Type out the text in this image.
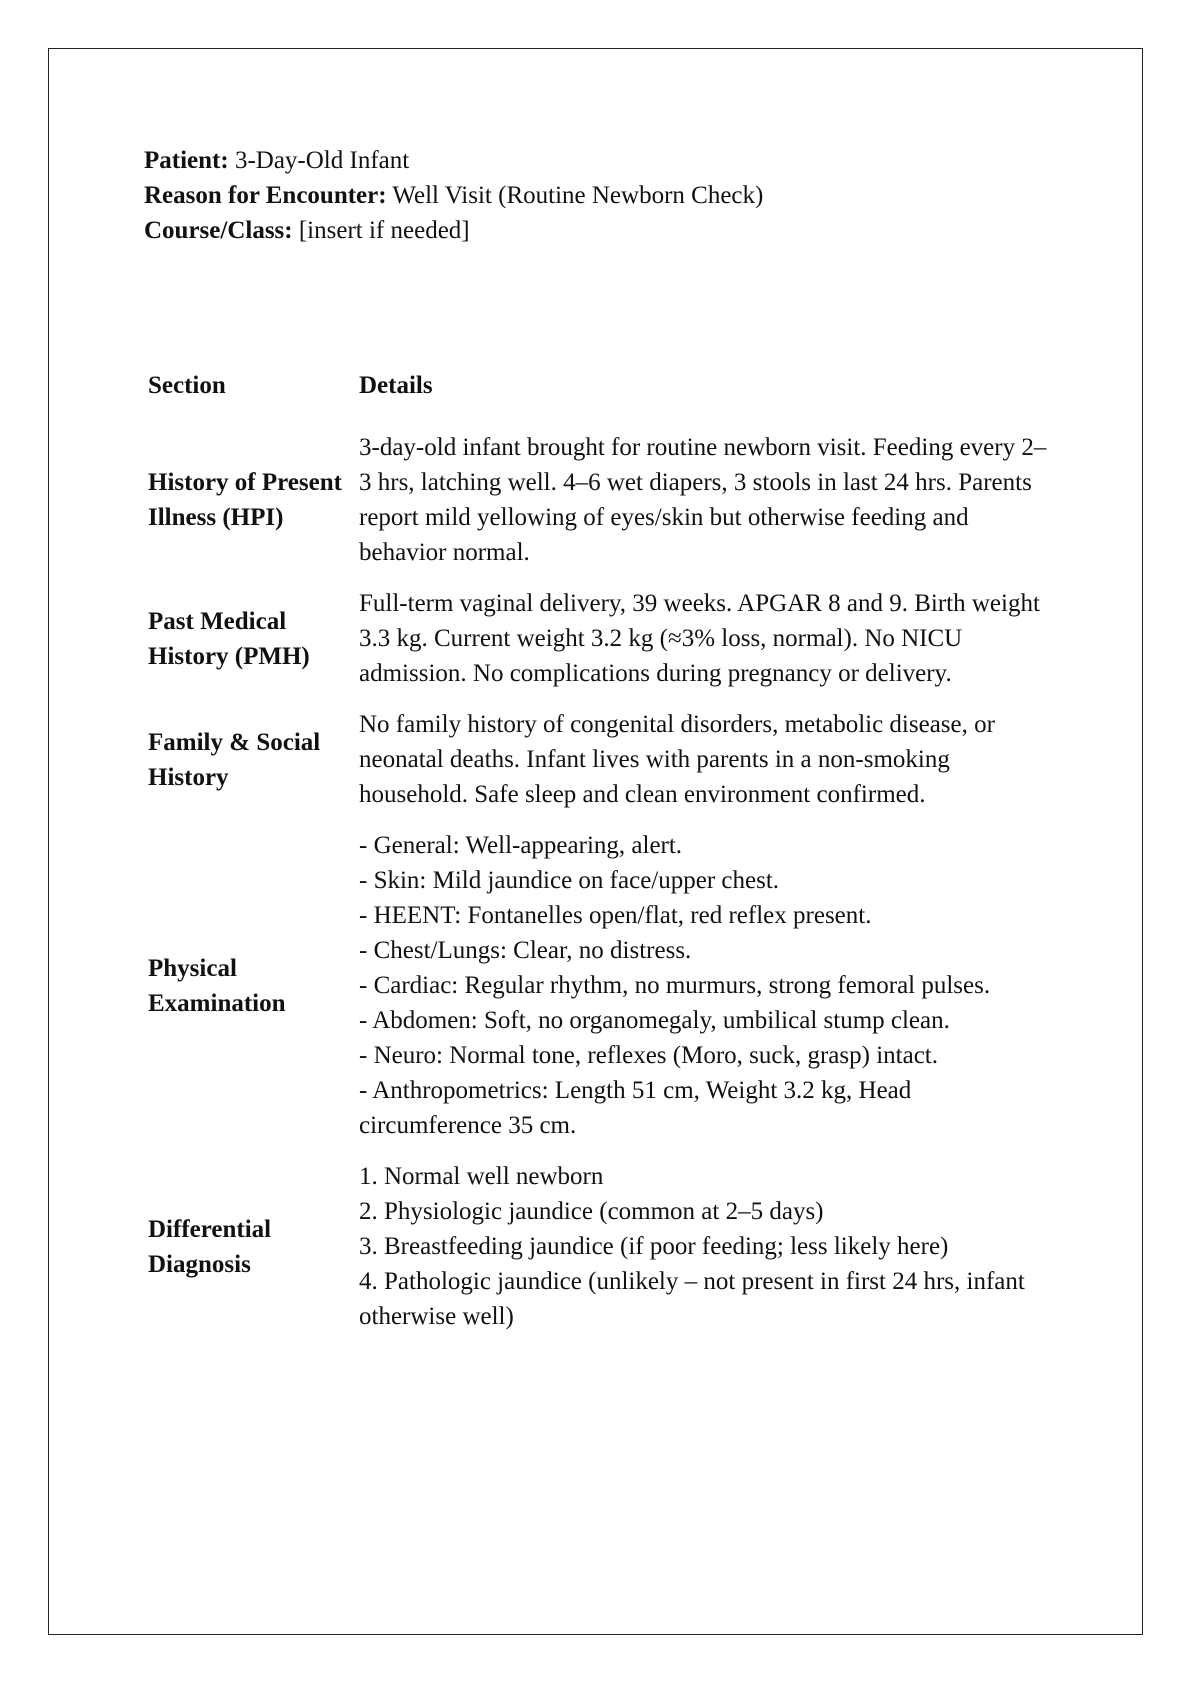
Patient: 3-Day-Old Infant
Reason for Encounter: Well Visit (Routine Newborn Check)
Course/Class: [insert if needed]
Section	Details
History of Present Illness (HPI)
3-day-old infant brought for routine newborn visit. Feeding every 2–3 hrs, latching well. 4–6 wet diapers, 3 stools in last 24 hrs. Parents report mild yellowing of eyes/skin but otherwise feeding and behavior normal.
Past Medical History (PMH)
Full-term vaginal delivery, 39 weeks. APGAR 8 and 9. Birth weight 3.3 kg. Current weight 3.2 kg (≈3% loss, normal). No NICU admission. No complications during pregnancy or delivery.
Family & Social History
No family history of congenital disorders, metabolic disease, or neonatal deaths. Infant lives with parents in a non-smoking household. Safe sleep and clean environment confirmed.
Physical Examination
- General: Well-appearing, alert.
- Skin: Mild jaundice on face/upper chest.
- HEENT: Fontanelles open/flat, red reflex present.
- Chest/Lungs: Clear, no distress.
- Cardiac: Regular rhythm, no murmurs, strong femoral pulses.
- Abdomen: Soft, no organomegaly, umbilical stump clean.
- Neuro: Normal tone, reflexes (Moro, suck, grasp) intact.
- Anthropometrics: Length 51 cm, Weight 3.2 kg, Head circumference 35 cm.
Differential Diagnosis
1. Normal well newborn
2. Physiologic jaundice (common at 2–5 days)
3. Breastfeeding jaundice (if poor feeding; less likely here)
4. Pathologic jaundice (unlikely – not present in first 24 hrs, infant otherwise well)
